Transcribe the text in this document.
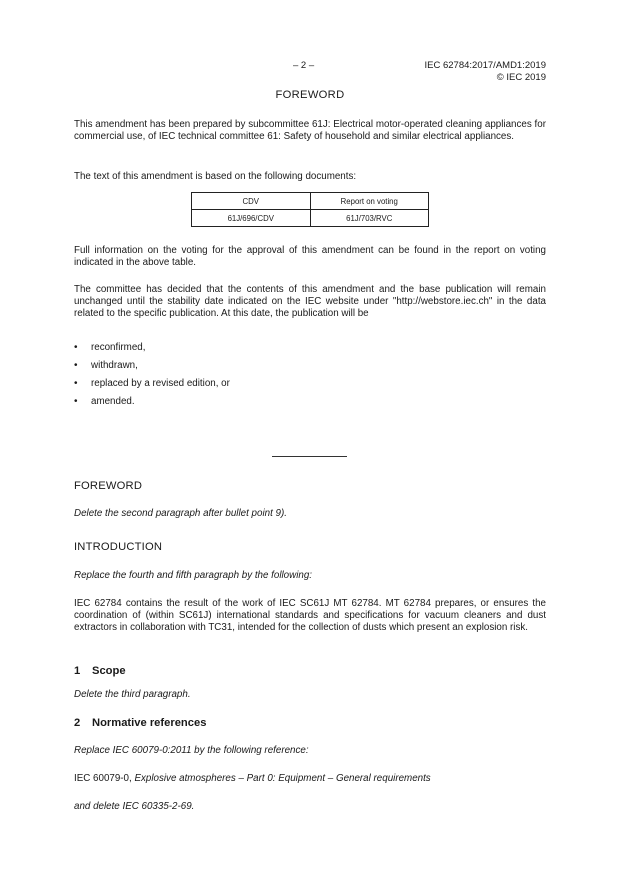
– 2 –	IEC 62784:2017/AMD1:2019
© IEC 2019
FOREWORD
This amendment has been prepared by subcommittee 61J: Electrical motor-operated cleaning appliances for commercial use, of IEC technical committee 61: Safety of household and similar electrical appliances.
The text of this amendment is based on the following documents:
CDV	Report on voting
61J/696/CDV	61J/703/RVC
Full information on the voting for the approval of this amendment can be found in the report on voting indicated in the above table.
The committee has decided that the contents of this amendment and the base publication will remain unchanged until the stability date indicated on the IEC website under "http://webstore.iec.ch" in the data related to the specific publication. At this date, the publication will be
• reconfirmed,
• withdrawn,
• replaced by a revised edition, or
• amended.
FOREWORD
Delete the second paragraph after bullet point 9).
INTRODUCTION
Replace the fourth and fifth paragraph by the following:
IEC 62784 contains the result of the work of IEC SC61J MT 62784. MT 62784 prepares, or ensures the coordination of (within SC61J) international standards and specifications for vacuum cleaners and dust extractors in collaboration with TC31, intended for the collection of dusts which present an explosion risk.
1 Scope
Delete the third paragraph.
2 Normative references
Replace IEC 60079-0:2011 by the following reference:
IEC 60079-0, Explosive atmospheres – Part 0: Equipment – General requirements
and delete IEC 60335-2-69.
